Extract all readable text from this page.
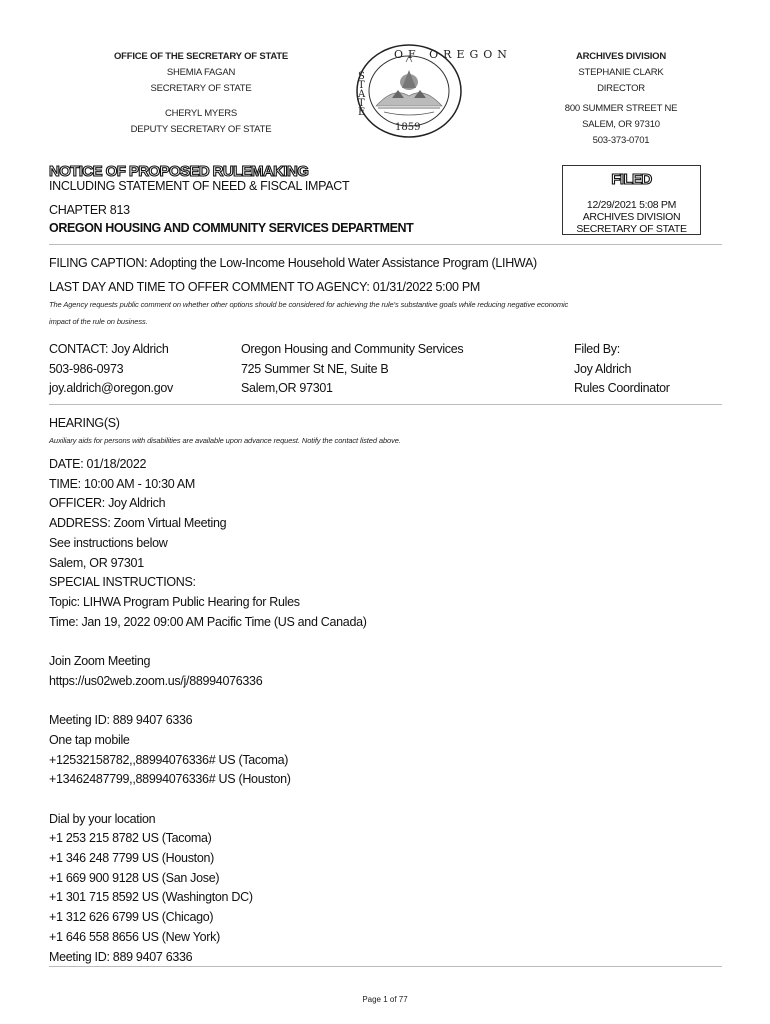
OFFICE OF THE SECRETARY OF STATE
SHEMIA FAGAN
SECRETARY OF STATE
CHERYL MYERS
DEPUTY SECRETARY OF STATE
OF OREGON
STATE
1859
ARCHIVES DIVISION
STEPHANIE CLARK
DIRECTOR
800 SUMMER STREET NE
SALEM, OR 97310
503-373-0701
NOTICE OF PROPOSED RULEMAKING
INCLUDING STATEMENT OF NEED & FISCAL IMPACT
CHAPTER 813
OREGON HOUSING AND COMMUNITY SERVICES DEPARTMENT
FILED
12/29/2021 5:08 PM
ARCHIVES DIVISION
SECRETARY OF STATE
FILING CAPTION: Adopting the Low-Income Household Water Assistance Program (LIHWA)
LAST DAY AND TIME TO OFFER COMMENT TO AGENCY: 01/31/2022 5:00 PM
The Agency requests public comment on whether other options should be considered for achieving the rule's substantive goals while reducing negative economic
impact of the rule on business.
CONTACT: Joy Aldrich
503-986-0973
joy.aldrich@oregon.gov
Oregon Housing and Community Services
725 Summer St NE, Suite B
Salem,OR 97301
Filed By:
Joy Aldrich
Rules Coordinator
HEARING(S)
Auxiliary aids for persons with disabilities are available upon advance request. Notify the contact listed above.
DATE: 01/18/2022
TIME: 10:00 AM - 10:30 AM
OFFICER: Joy Aldrich
ADDRESS: Zoom Virtual Meeting
See instructions below
Salem, OR 97301
SPECIAL INSTRUCTIONS:
Topic: LIHWA Program Public Hearing for Rules
Time: Jan 19, 2022 09:00 AM Pacific Time (US and Canada)
Join Zoom Meeting
https://us02web.zoom.us/j/88994076336
Meeting ID: 889 9407 6336
One tap mobile
+12532158782,,88994076336# US (Tacoma)
+13462487799,,88994076336# US (Houston)
Dial by your location
+1 253 215 8782 US (Tacoma)
+1 346 248 7799 US (Houston)
+1 669 900 9128 US (San Jose)
+1 301 715 8592 US (Washington DC)
+1 312 626 6799 US (Chicago)
+1 646 558 8656 US (New York)
Meeting ID: 889 9407 6336
Page 1 of 77
